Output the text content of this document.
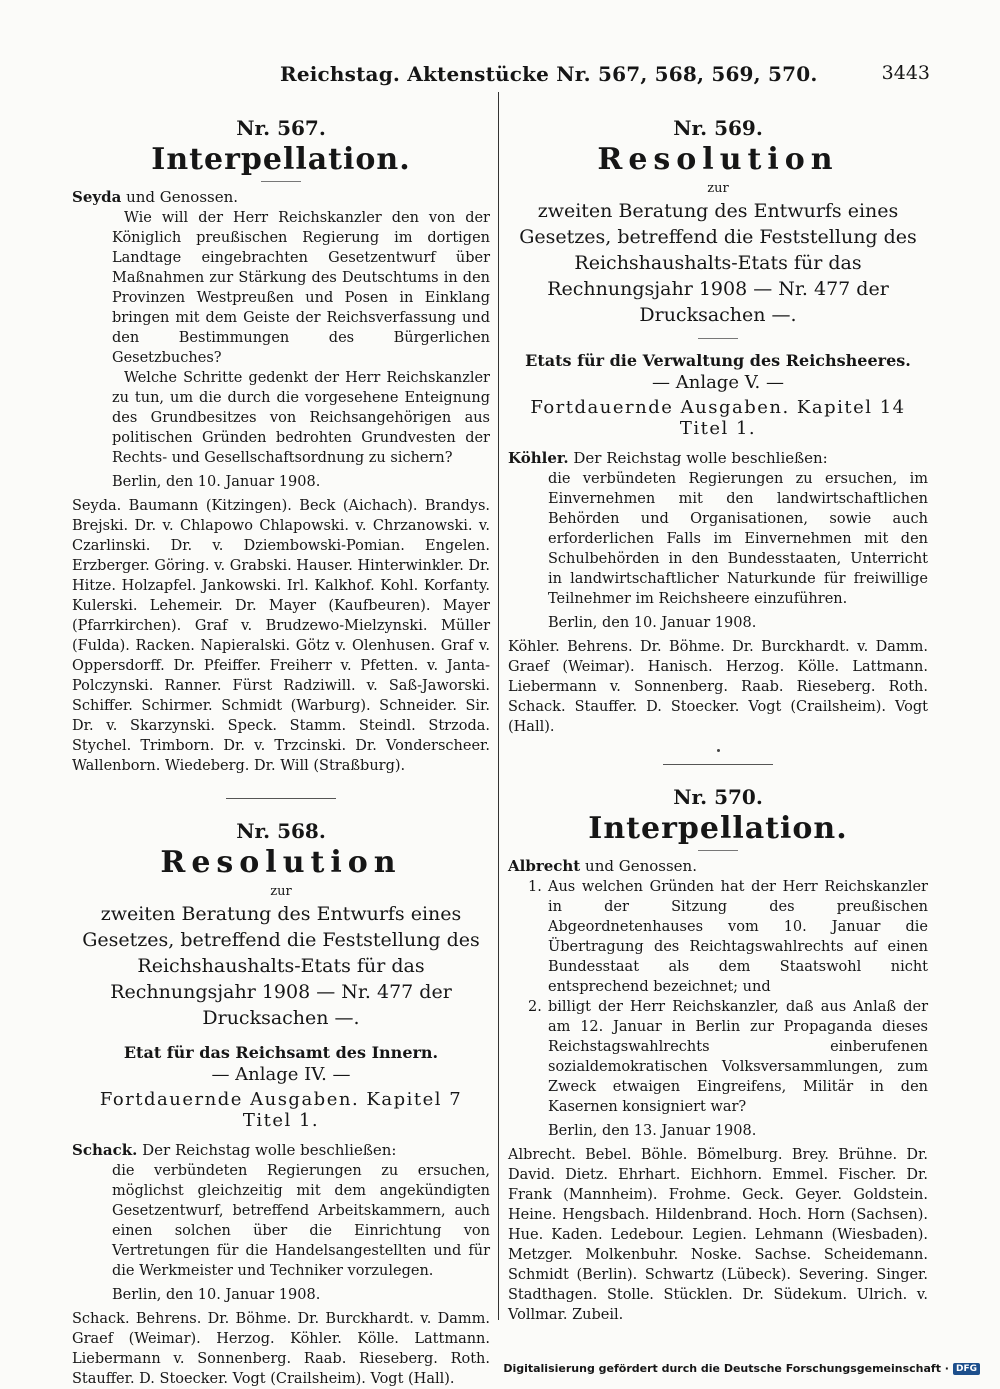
Reichstag. Aktenstücke Nr. 567, 568, 569, 570.	3443
Nr. 567.
Interpellation.
Seyda und Genossen.

Wie will der Herr Reichskanzler den von der Königlich preußischen Regierung im dortigen Landtage eingebrachten Gesetzentwurf über Maßnahmen zur Stärkung des Deutschtums in den Provinzen Westpreußen und Posen in Einklang bringen mit dem Geiste der Reichsverfassung und den Bestimmungen des Bürgerlichen Gesetzbuches?

Welche Schritte gedenkt der Herr Reichskanzler zu tun, um die durch die vorgesehene Enteignung des Grundbesitzes von Reichsangehörigen aus politischen Gründen bedrohten Grundvesten der Rechts- und Gesellschaftsordnung zu sichern?

Berlin, den 10. Januar 1908.

Seyda. Baumann (Kitzingen). Beck (Aichach). Brandys. Brejski. Dr. v. Chlapowo Chlapowski. v. Chrzanowski. v. Czarlinski. Dr. v. Dziembowski-Pomian. Engelen. Erzberger. Göring. v. Grabski. Hauser. Hinterwinkler. Dr. Hitze. Holzapfel. Jankowski. Irl. Kalkhof. Kohl. Korfanty. Kulerski. Lehemeir. Dr. Mayer (Kaufbeuren). Mayer (Pfarrkirchen). Graf v. Brudzewo-Mielzynski. Müller (Fulda). Racken. Napieralski. Götz v. Olenhusen. Graf v. Oppersdorff. Dr. Pfeiffer. Freiherr v. Pfetten. v. Janta-Polczynski. Ranner. Fürst Radziwill. v. Saß-Jaworski. Schiffer. Schirmer. Schmidt (Warburg). Schneider. Sir. Dr. v. Skarzynski. Speck. Stamm. Steindl. Strzoda. Stychel. Trimborn. Dr. v. Trzcinski. Dr. Vonderscheer. Wallenborn. Wiedeberg. Dr. Will (Straßburg).

Nr. 568.
Resolution
zur
zweiten Beratung des Entwurfs eines Gesetzes, betreffend die Feststellung des Reichshaushalts-Etats für das Rechnungsjahr 1908 — Nr. 477 der Drucksachen —.
Etat für das Reichsamt des Innern.
— Anlage IV. —
Fortdauernde Ausgaben. Kapitel 7 Titel 1.
Schack. Der Reichstag wolle beschließen:

die verbündeten Regierungen zu ersuchen, möglichst gleichzeitig mit dem angekündigten Gesetzentwurf, betreffend Arbeitskammern, auch einen solchen über die Einrichtung von Vertretungen für die Handelsangestellten und für die Werkmeister und Techniker vorzulegen.

Berlin, den 10. Januar 1908.

Schack. Behrens. Dr. Böhme. Dr. Burckhardt. v. Damm. Graef (Weimar). Herzog. Köhler. Kölle. Lattmann. Liebermann v. Sonnenberg. Raab. Rieseberg. Roth. Stauffer. D. Stoecker. Vogt (Crailsheim). Vogt (Hall).

Nr. 569.
Resolution
zur
zweiten Beratung des Entwurfs eines Gesetzes, betreffend die Feststellung des Reichshaushalts-Etats für das Rechnungsjahr 1908 — Nr. 477 der Drucksachen —.
Etats für die Verwaltung des Reichsheeres.
— Anlage V. —
Fortdauernde Ausgaben. Kapitel 14 Titel 1.
Köhler. Der Reichstag wolle beschließen:

die verbündeten Regierungen zu ersuchen, im Einvernehmen mit den landwirtschaftlichen Behörden und Organisationen, sowie auch erforderlichen Falls im Einvernehmen mit den Schulbehörden in den Bundesstaaten, Unterricht in landwirtschaftlicher Naturkunde für freiwillige Teilnehmer im Reichsheere einzuführen.

Berlin, den 10. Januar 1908.

Köhler. Behrens. Dr. Böhme. Dr. Burckhardt. v. Damm. Graef (Weimar). Hanisch. Herzog. Kölle. Lattmann. Liebermann v. Sonnenberg. Raab. Rieseberg. Roth. Schack. Stauffer. D. Stoecker. Vogt (Crailsheim). Vogt (Hall).

Nr. 570.
Interpellation.
Albrecht und Genossen.
1. Aus welchen Gründen hat der Herr Reichskanzler in der Sitzung des preußischen Abgeordnetenhauses vom 10. Januar die Übertragung des Reichtagswahlrechts auf einen Bundesstaat als dem Staatswohl nicht entsprechend bezeichnet; und
2. billigt der Herr Reichskanzler, daß aus Anlaß der am 12. Januar in Berlin zur Propaganda dieses Reichstagswahlrechts einberufenen sozialdemokratischen Volksversammlungen, zum Zweck etwaigen Eingreifens, Militär in den Kasernen konsigniert war?
Berlin, den 13. Januar 1908.

Albrecht. Bebel. Böhle. Bömelburg. Brey. Brühne. Dr. David. Dietz. Ehrhart. Eichhorn. Emmel. Fischer. Dr. Frank (Mannheim). Frohme. Geck. Geyer. Goldstein. Heine. Hengsbach. Hildenbrand. Hoch. Horn (Sachsen). Hue. Kaden. Ledebour. Legien. Lehmann (Wiesbaden). Metzger. Molkenbuhr. Noske. Sachse. Scheidemann. Schmidt (Berlin). Schwartz (Lübeck). Severing. Singer. Stadthagen. Stolle. Stücklen. Dr. Südekum. Ulrich. v. Vollmar. Zubeil.

Digitalisierung gefördert durch die Deutsche Forschungsgemeinschaft · DFG
